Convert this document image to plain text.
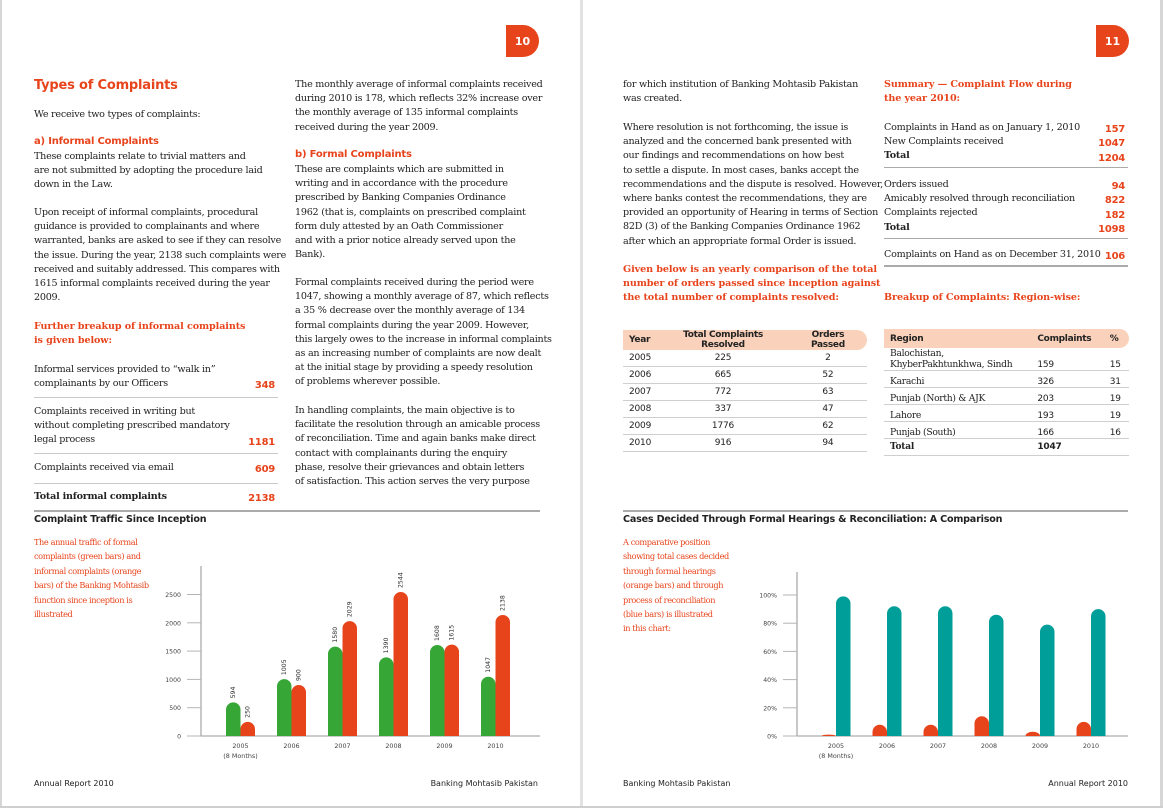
10
Types of Complaints
We receive two types of complaints:
a) Informal Complaints
These complaints relate to trivial matters and
are not submitted by adopting the procedure laid
down in the Law.
Upon receipt of informal complaints, procedural
guidance is provided to complainants and where
warranted, banks are asked to see if they can resolve
the issue. During the year, 2138 such complaints were
received and suitably addressed. This compares with
1615 informal complaints received during the year
2009.
Further breakup of informal complaints
is given below:
Informal services provided to “walk in”
complainants by our Officers	348
Complaints received in writing but
without completing prescribed mandatory
legal process	1181
Complaints received via email	609
Total informal complaints	2138
Complaint Traffic Since Inception
The annual traffic of formal
complaints (green bars) and
informal complaints (orange
bars) of the Banking Mohtasib
function since inception is
illustrated
The monthly average of informal complaints received
during 2010 is 178, which reflects 32% increase over
the monthly average of 135 informal complaints
received during the year 2009.
b) Formal Complaints
These are complaints which are submitted in
writing and in accordance with the procedure
prescribed by Banking Companies Ordinance
1962 (that is, complaints on prescribed complaint
form duly attested by an Oath Commissioner
and with a prior notice already served upon the
Bank).
Formal complaints received during the period were
1047, showing a monthly average of 87, which reflects
a 35 % decrease over the monthly average of 134
formal complaints during the year 2009. However,
this largely owes to the increase in informal complaints
as an increasing number of complaints are now dealt
at the initial stage by providing a speedy resolution
of problems wherever possible.
In handling complaints, the main objective is to
facilitate the resolution through an amicable process
of reconciliation. Time and again banks make direct
contact with complainants during the enquiry
phase, resolve their grievances and obtain letters
of satisfaction. This action serves the very purpose
0
500
1000
1500
2000
2500
2005
(8 Months)
594
250
2006
1005
900
2007
1580
2029
2008
1390
2544
2009
1608 1615
2010
1047
2138
Annual Report 2010	Banking Mohtasib Pakistan
11
for which institution of Banking Mohtasib Pakistan
was created.
Where resolution is not forthcoming, the issue is
analyzed and the concerned bank presented with
our findings and recommendations on how best
to settle a dispute. In most cases, banks accept the
recommendations and the dispute is resolved. However,
where banks contest the recommendations, they are
provided an opportunity of Hearing in terms of Section
82D (3) of the Banking Companies Ordinance 1962
after which an appropriate formal Order is issued.
Given below is an yearly comparison of the total
number of orders passed since inception against
the total number of complaints resolved:
Year	Total Complaints Resolved	Orders Passed
2005	225	2
2006	665	52
2007	772	63
2008	337	47
2009	1776	62
2010	916	94
Summary — Complaint Flow during
the year 2010:
Complaints in Hand as on January 1, 2010 157
New Complaints received	1047
Total	1204
Orders issued	94
Amicably resolved through reconciliation	822
Complaints rejected	182
Total	1098
Complaints on Hand as on December 31, 2010 106
Breakup of Complaints: Region-wise:
Region	Complaints	%

Balochistan,
KhyberPakhtunkhwa, Sindh	159	15

Karachi	326	31

Punjab (North) & AJK	203	19

Lahore	193	19

Punjab (South)	166	16
Total	1047	
Cases Decided Through Formal Hearings & Reconciliation: A Comparison
A comparative position
showing total cases decided
through formal hearings
(orange bars) and through
process of reconciliation
(blue bars) is illustrated
in this chart:
0%
20%
40%
60%
80%
100%
2005
(8 Months)
2006	2007	2008	2009	2010
Banking Mohtasib Pakistan	Annual Report 2010
